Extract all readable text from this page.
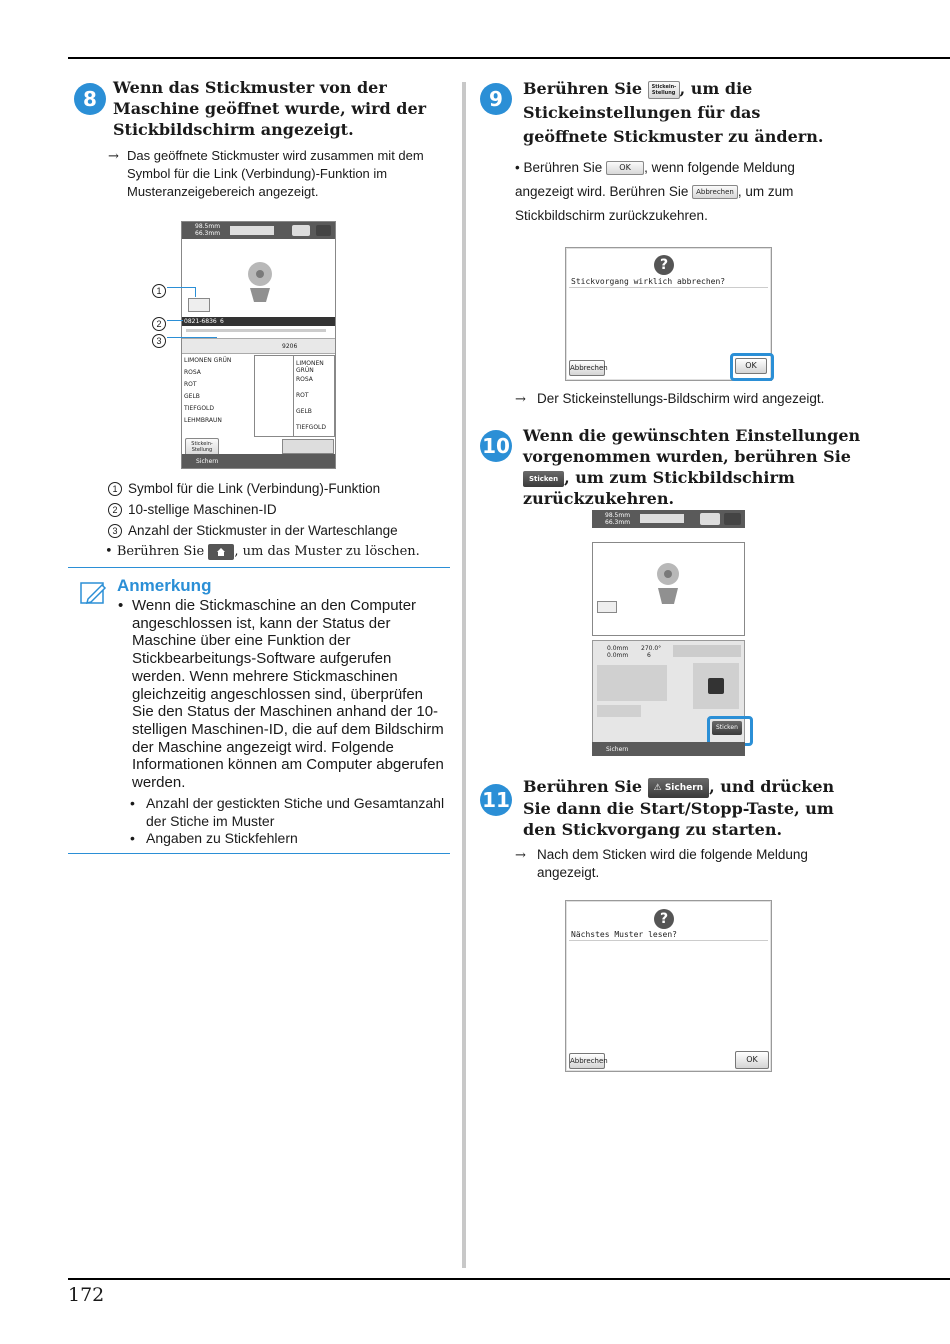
172
8	Wenn das Stickmuster von der Maschine geöffnet wurde, wird der Stickbildschirm angezeigt.
→ Das geöffnete Stickmuster wird zusammen mit dem Symbol für die Link (Verbindung)-Funktion im Musteranzeigebereich angezeigt.
98.5mm
66.3mm
0821-6836 6
9206
LIMONEN GRÜN
ROSA
ROT
GELB
TIEFGOLD
LEHMBRAUN
LIMONEN GRÜN
ROSA
ROT
GELB
TIEFGOLD
Stickein-Stellung
Sichern
1
2
3
1 Symbol für die Link (Verbindung)-Funktion
2 10-stellige Maschinen-ID
3 Anzahl der Stickmuster in der Warteschlange
• Berühren Sie , um das Muster zu löschen.
Anmerkung
• Wenn die Stickmaschine an den Computer angeschlossen ist, kann der Status der Maschine über eine Funktion der Stickbearbeitungs-Software aufgerufen werden. Wenn mehrere Stickmaschinen gleichzeitig angeschlossen sind, überprüfen Sie den Status der Maschinen anhand der 10-stelligen Maschinen-ID, die auf dem Bildschirm der Maschine angezeigt wird. Folgende Informationen können am Computer abgerufen werden.
• Anzahl der gestickten Stiche und Gesamtanzahl der Stiche im Muster
• Angaben zu Stickfehlern
9	Berühren Sie Stickein-Stellung , um die Stickeinstellungen für das geöffnete Stickmuster zu ändern.
• Berühren Sie OK , wenn folgende Meldung angezeigt wird. Berühren Sie Abbrechen , um zum Stickbildschirm zurückzukehren.
?
Stickvorgang wirklich abbrechen?
Abbrechen	OK
→ Der Stickeinstellungs-Bildschirm wird angezeigt.
10 Wenn die gewünschten Einstellungen vorgenommen wurden, berühren Sie Sticken , um zum Stickbildschirm zurückzukehren.
98.5mm
66.3mm
0.0mm
0.0mm
270.0°
6
Sticken
Sichern
11
Berühren Sie ⚠ Sichern , und drücken Sie dann die Start/Stopp-Taste, um den Stickvorgang zu starten.
→ Nach dem Sticken wird die folgende Meldung angezeigt.
?
Nächstes Muster lesen?
Abbrechen	OK
